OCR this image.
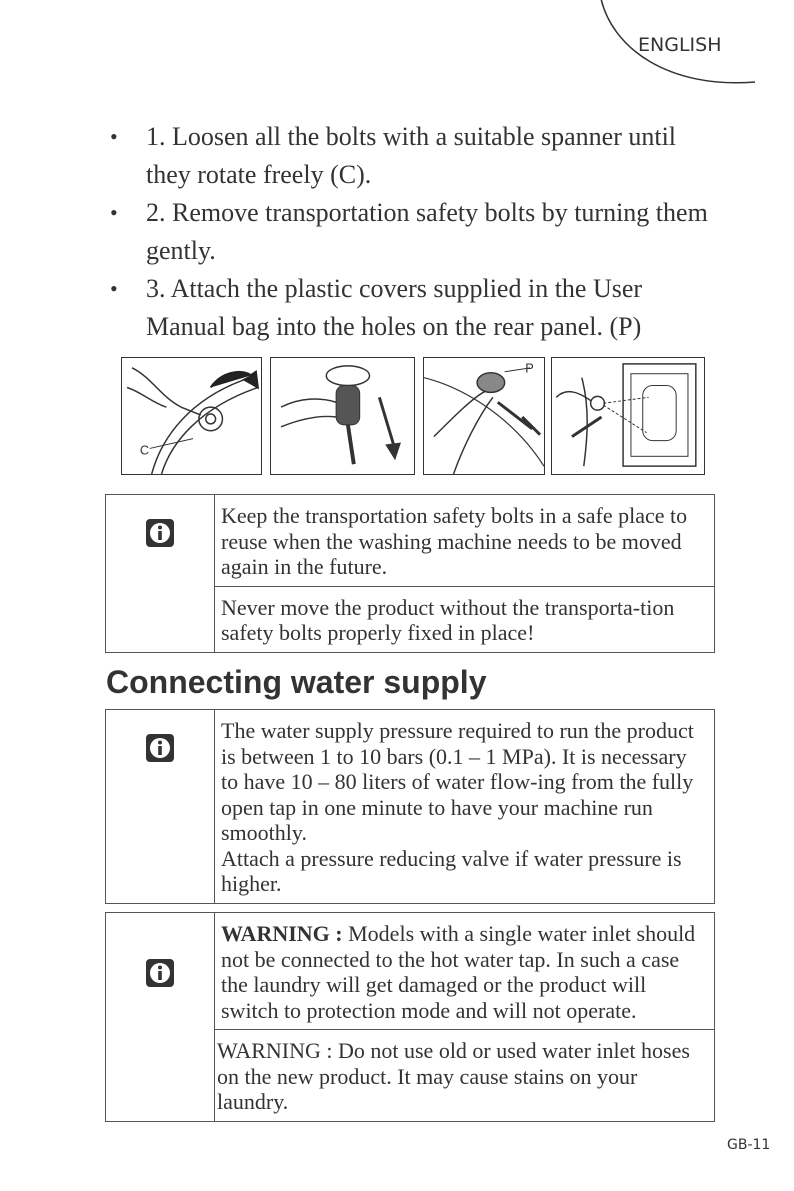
ENGLISH
• 1. Loosen all the bolts with a suitable spanner until they rotate freely (C).
• 2. Remove transportation safety bolts by turning them gently.
• 3. Attach the plastic covers supplied in the User Manual bag into the holes on the rear panel. (P)
C
P
	Keep the transportation safety bolts in a safe place to reuse when the washing machine needs to be moved again in the future.
Never move the product without the transporta-tion safety bolts properly fixed in place!
Connecting water supply

The water supply pressure required to run the product is between 1 to 10 bars (0.1 – 1 MPa). It is necessary to have 10 – 80 liters of water flow-ing from the fully open tap in one minute to have your machine run smoothly.
Attach a pressure reducing valve if water pressure is higher.
	WARNING : Models with a single water inlet should not be connected to the hot water tap. In such a case the laundry will get damaged or the product will switch to protection mode and will not operate.
WARNING : Do not use old or used water inlet hoses on the new product. It may cause stains on your laundry.
GB-11
